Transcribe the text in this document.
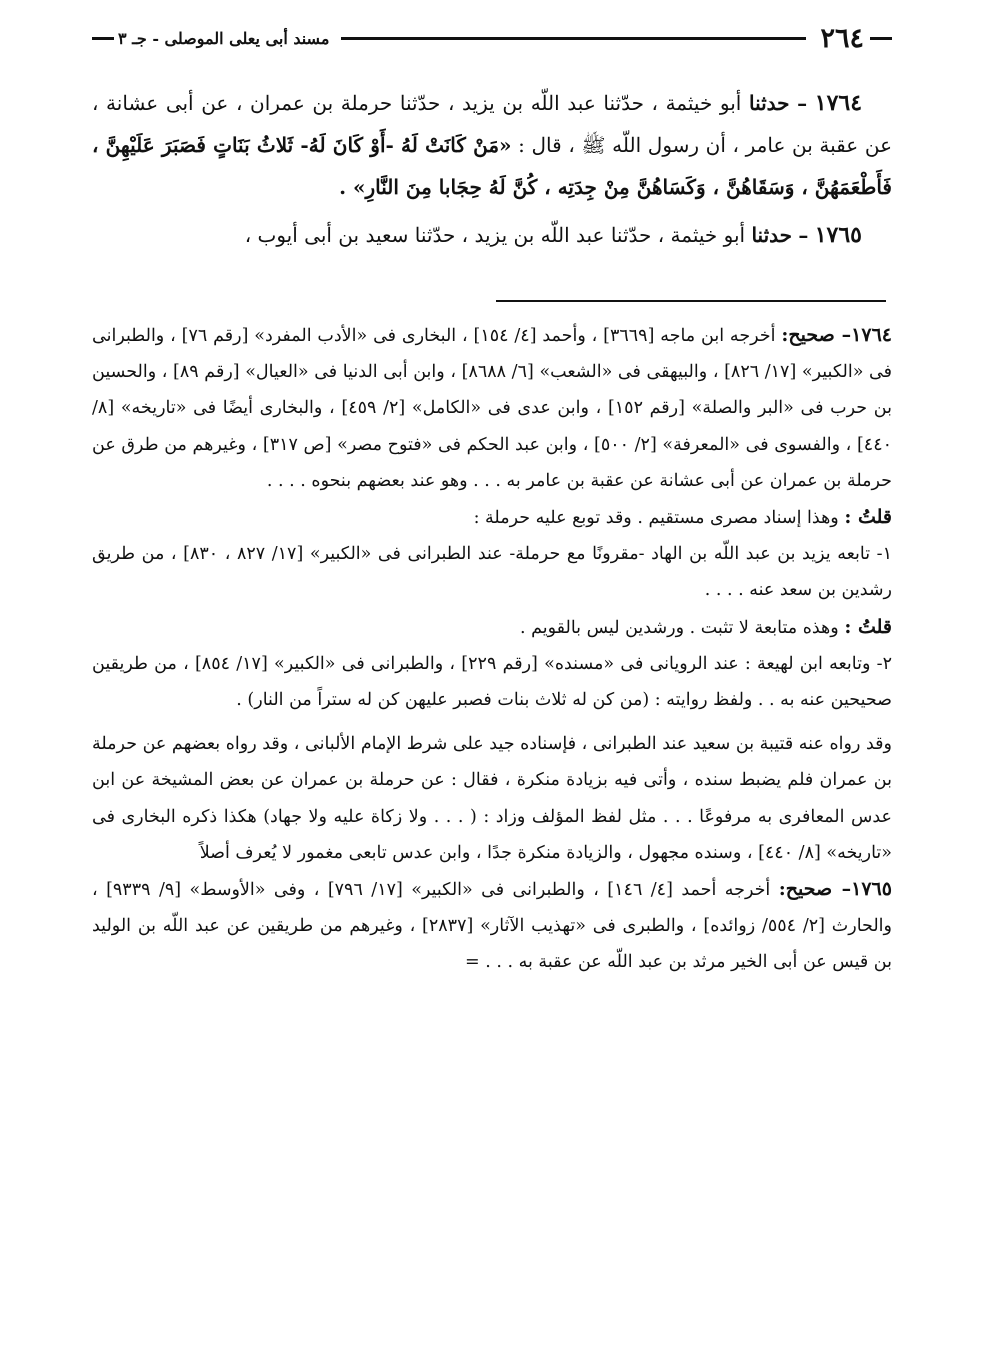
٢٦٤
مسند أبى يعلى الموصلى - جـ ٣

١٧٦٤ – حدثنا أبو خيثمة ، حدّثنا عبد اللّه بن يزيد ، حدّثنا حرملة بن عمران ، عن أبى عشانة ، عن عقبة بن عامر ، أن رسول اللّه ﷺ ، قال : «مَنْ كَانَتْ لَهُ -أَوْ كَانَ لَهُ- ثَلاثُ بَنَاتٍ فَصَبَرَ عَلَيْهِنَّ ، فَأَطْعَمَهُنَّ ، وَسَقَاهُنَّ ، وَكَسَاهُنَّ مِنْ جِدَتِه ، كُنَّ لَهُ حِجَابا مِنَ النَّارِ» .

١٧٦٥ – حدثنا أبو خيثمة ، حدّثنا عبد اللّه بن يزيد ، حدّثنا سعيد بن أبى أيوب ،

١٧٦٤– صحيح: أخرجه ابن ماجه [٣٦٦٩] ، وأحمد [٤/ ١٥٤] ، البخارى فى «الأدب المفرد» [رقم ٧٦] ، والطبرانى فى «الكبير» [١٧/ ٨٢٦] ، والبيهقى فى «الشعب» [٦/ ٨٦٨٨] ، وابن أبى الدنيا فى «العيال» [رقم ٨٩] ، والحسين بن حرب فى «البر والصلة» [رقم ١٥٢] ، وابن عدى فى «الكامل» [٢/ ٤٥٩] ، والبخارى أيضًا فى «تاريخه» [٨/ ٤٤٠] ، والفسوى فى «المعرفة» [٢/ ٥٠٠] ، وابن عبد الحكم فى «فتوح مصر» [ص ٣١٧] ، وغيرهم من طرق عن حرملة بن عمران عن أبى عشانة عن عقبة بن عامر به . . . وهو عند بعضهم بنحوه . . . .

قلتُ : وهذا إسناد مصرى مستقيم . وقد توبع عليه حرملة :

١- تابعه يزيد بن عبد اللّه بن الهاد -مقرونًا مع حرملة- عند الطبرانى فى «الكبير» [١٧/ ٨٢٧ ، ٨٣٠] ، من طريق رشدين بن سعد عنه . . . .

قلتُ : وهذه متابعة لا تثبت . ورشدين ليس بالقويم .

٢- وتابعه ابن لهيعة : عند الرويانى فى «مسنده» [رقم ٢٢٩] ، والطبرانى فى «الكبير» [١٧/ ٨٥٤] ، من طريقين صحيحين عنه به . . ولفظ روايته : (من كن له ثلاث بنات فصبر عليهن كن له ستراً من النار) .

وقد رواه عنه قتيبة بن سعيد عند الطبرانى ، فإسناده جيد على شرط الإمام الألبانى ، وقد رواه بعضهم عن حرملة بن عمران فلم يضبط سنده ، وأتى فيه بزيادة منكرة ، فقال : عن حرملة بن عمران عن بعض المشيخة عن ابن عدس المعافرى به مرفوعًا . . . مثل لفظ المؤلف وزاد : ( . . . ولا زكاة عليه ولا جهاد) هكذا ذكره البخارى فى «تاريخه» [٨/ ٤٤٠] ، وسنده مجهول ، والزيادة منكرة جدًا ، وابن عدس تابعى مغمور لا يُعرف أصلاً

١٧٦٥– صحيح: أخرجه أحمد [٤/ ١٤٦] ، والطبرانى فى «الكبير» [١٧/ ٧٩٦] ، وفى «الأوسط» [٩/ ٩٣٣٩] ، والحارث [٢/ ٥٥٤/ زوائده] ، والطبرى فى «تهذيب الآثار» [٢٨٣٧] ، وغيرهم من طريقين عن عبد اللّه بن الوليد بن قيس عن أبى الخير مرثد بن عبد اللّه عن عقبة به . . . =
